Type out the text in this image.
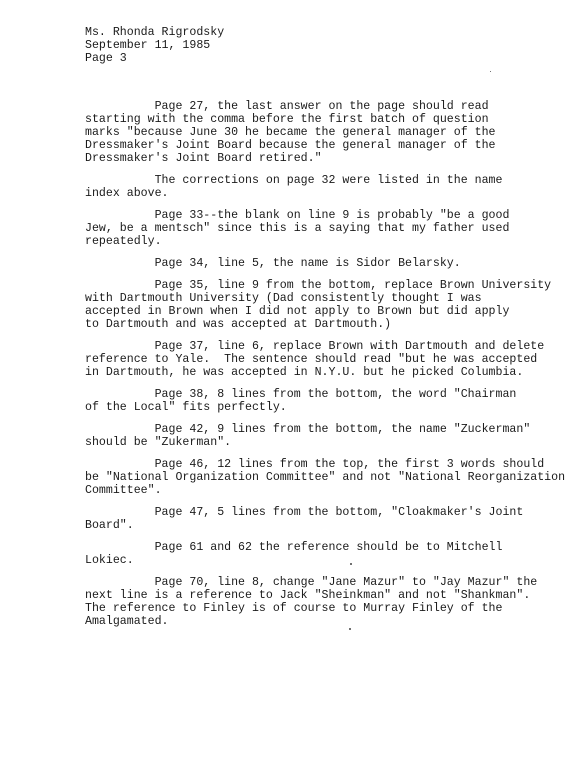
Ms. Rhonda Rigrodsky
September 11, 1985
Page 3
Page 27, the last answer on the page should read
starting with the comma before the first batch of question
marks "because June 30 he became the general manager of the
Dressmaker's Joint Board because the general manager of the
Dressmaker's Joint Board retired."
The corrections on page 32 were listed in the name
index above.
Page 33--the blank on line 9 is probably "be a good
Jew, be a mentsch" since this is a saying that my father used
repeatedly.
Page 34, line 5, the name is Sidor Belarsky.
Page 35, line 9 from the bottom, replace Brown University
with Dartmouth University (Dad consistently thought I was
accepted in Brown when I did not apply to Brown but did apply
to Dartmouth and was accepted at Dartmouth.)
Page 37, line 6, replace Brown with Dartmouth and delete
reference to Yale.  The sentence should read "but he was accepted
in Dartmouth, he was accepted in N.Y.U. but he picked Columbia.
Page 38, 8 lines from the bottom, the word "Chairman
of the Local" fits perfectly.
Page 42, 9 lines from the bottom, the name "Zuckerman"
should be "Zukerman".
Page 46, 12 lines from the top, the first 3 words should
be "National Organization Committee" and not "National Reorganization
Committee".
Page 47, 5 lines from the bottom, "Cloakmaker's Joint
Board".
Page 61 and 62 the reference should be to Mitchell
Lokiec.
Page 70, line 8, change "Jane Mazur" to "Jay Mazur" the
next line is a reference to Jack "Sheinkman" and not "Shankman".
The reference to Finley is of course to Murray Finley of the
Amalgamated.
